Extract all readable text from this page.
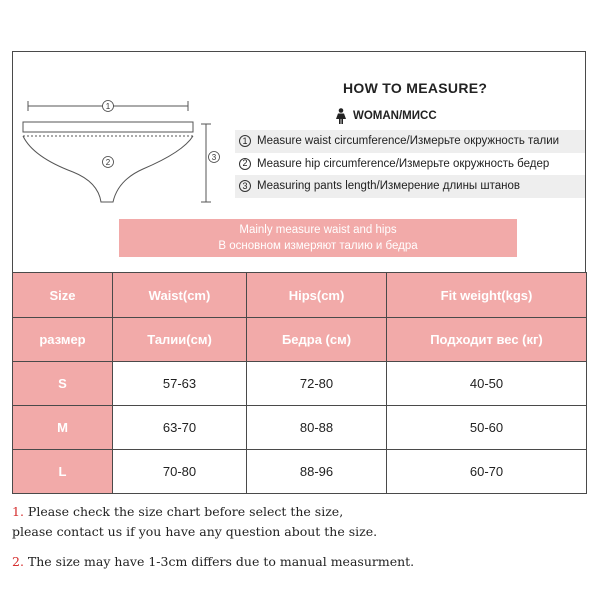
1
2
3
HOW TO MEASURE?
WOMAN/МИСС
1 Measure waist circumference/Измерьте окружность талии
2 Measure hip circumference/Измерьте окружность бедер
3 Measuring pants length/Измерение длины штанов
Mainly measure waist and hips
В основном измеряют талию и бедра
Size	Waist(cm)	Hips(cm)	Fit weight(kgs)
размер	Талии(см)	Бедра (см)	Подходит вес (кг)
S	57-63	72-80	40-50
M	63-70	80-88	50-60
L	70-80	88-96	60-70
1. Please check the size chart before select the size,
please contact us if you have any question about the size.
2. The size may have 1-3cm differs due to manual measurment.
